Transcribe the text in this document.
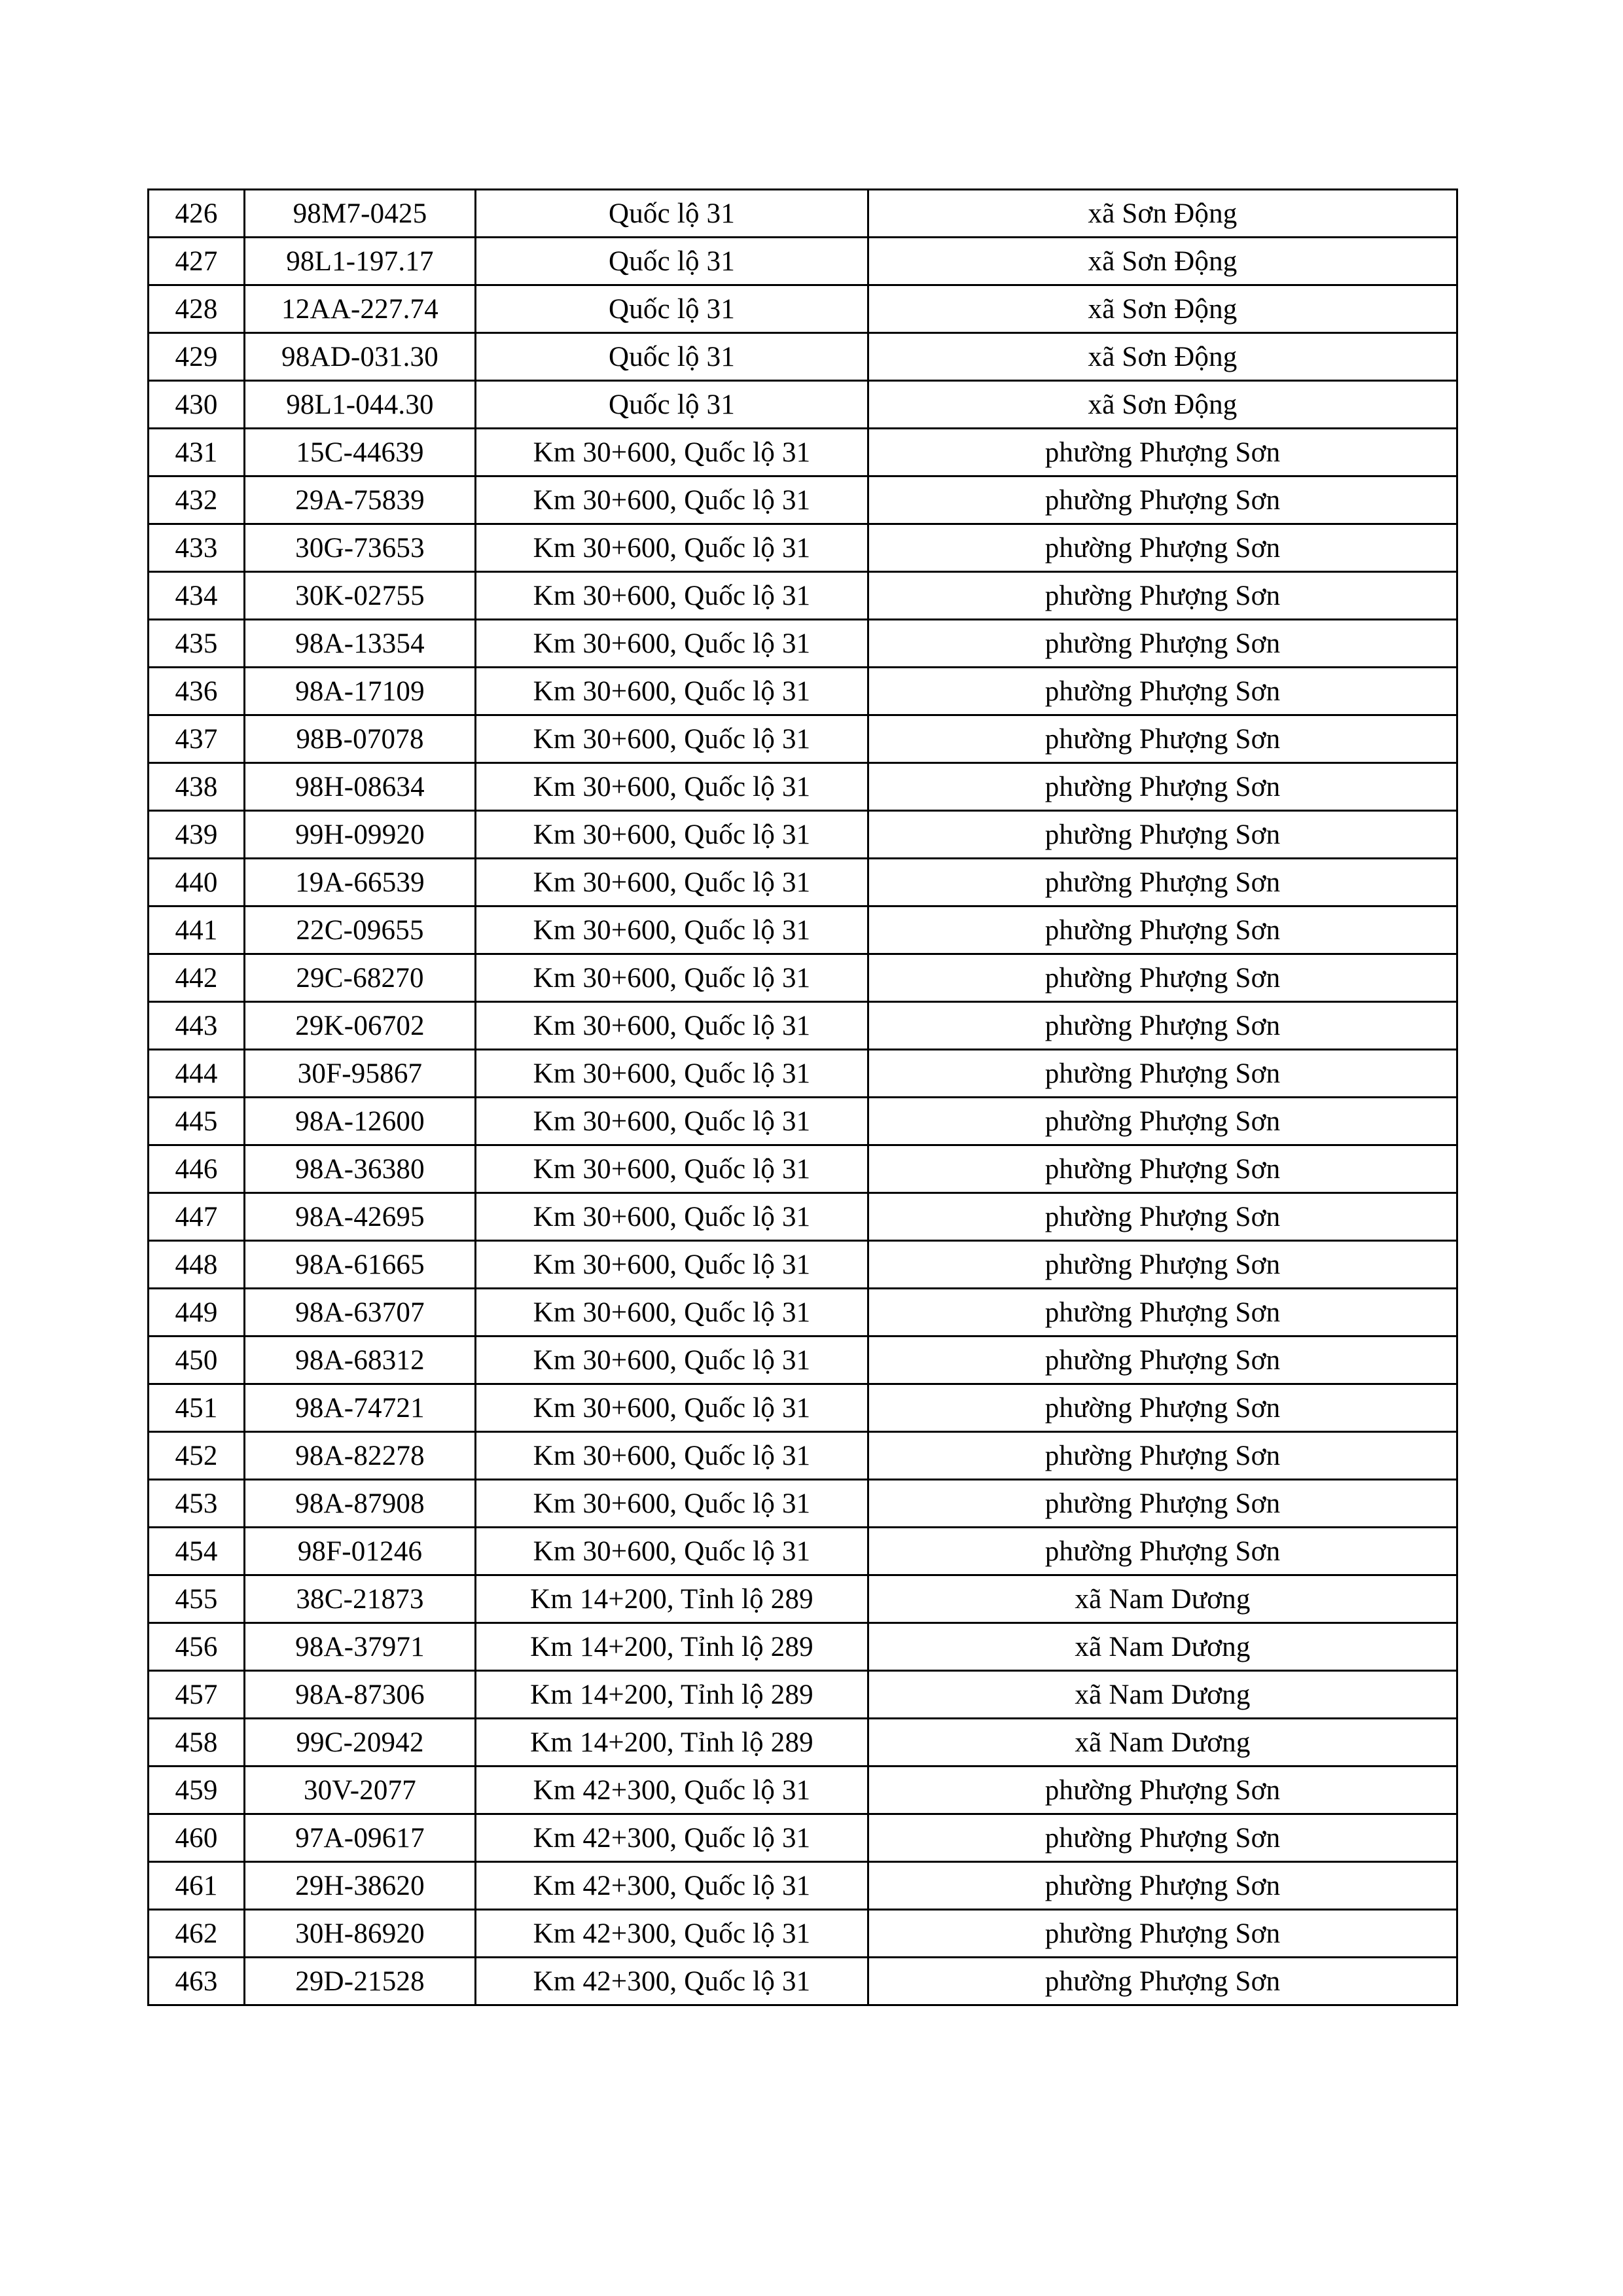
426	98M7-0425	Quốc lộ 31	xã Sơn Động
427	98L1-197.17	Quốc lộ 31	xã Sơn Động
428	12AA-227.74	Quốc lộ 31	xã Sơn Động
429	98AD-031.30	Quốc lộ 31	xã Sơn Động
430	98L1-044.30	Quốc lộ 31	xã Sơn Động
431	15C-44639	Km 30+600, Quốc lộ 31	phường Phượng Sơn
432	29A-75839	Km 30+600, Quốc lộ 31	phường Phượng Sơn
433	30G-73653	Km 30+600, Quốc lộ 31	phường Phượng Sơn
434	30K-02755	Km 30+600, Quốc lộ 31	phường Phượng Sơn
435	98A-13354	Km 30+600, Quốc lộ 31	phường Phượng Sơn
436	98A-17109	Km 30+600, Quốc lộ 31	phường Phượng Sơn
437	98B-07078	Km 30+600, Quốc lộ 31	phường Phượng Sơn
438	98H-08634	Km 30+600, Quốc lộ 31	phường Phượng Sơn
439	99H-09920	Km 30+600, Quốc lộ 31	phường Phượng Sơn
440	19A-66539	Km 30+600, Quốc lộ 31	phường Phượng Sơn
441	22C-09655	Km 30+600, Quốc lộ 31	phường Phượng Sơn
442	29C-68270	Km 30+600, Quốc lộ 31	phường Phượng Sơn
443	29K-06702	Km 30+600, Quốc lộ 31	phường Phượng Sơn
444	30F-95867	Km 30+600, Quốc lộ 31	phường Phượng Sơn
445	98A-12600	Km 30+600, Quốc lộ 31	phường Phượng Sơn
446	98A-36380	Km 30+600, Quốc lộ 31	phường Phượng Sơn
447	98A-42695	Km 30+600, Quốc lộ 31	phường Phượng Sơn
448	98A-61665	Km 30+600, Quốc lộ 31	phường Phượng Sơn
449	98A-63707	Km 30+600, Quốc lộ 31	phường Phượng Sơn
450	98A-68312	Km 30+600, Quốc lộ 31	phường Phượng Sơn
451	98A-74721	Km 30+600, Quốc lộ 31	phường Phượng Sơn
452	98A-82278	Km 30+600, Quốc lộ 31	phường Phượng Sơn
453	98A-87908	Km 30+600, Quốc lộ 31	phường Phượng Sơn
454	98F-01246	Km 30+600, Quốc lộ 31	phường Phượng Sơn
455	38C-21873	Km 14+200, Tỉnh lộ 289	xã Nam Dương
456	98A-37971	Km 14+200, Tỉnh lộ 289	xã Nam Dương
457	98A-87306	Km 14+200, Tỉnh lộ 289	xã Nam Dương
458	99C-20942	Km 14+200, Tỉnh lộ 289	xã Nam Dương
459	30V-2077	Km 42+300, Quốc lộ 31	phường Phượng Sơn
460	97A-09617	Km 42+300, Quốc lộ 31	phường Phượng Sơn
461	29H-38620	Km 42+300, Quốc lộ 31	phường Phượng Sơn
462	30H-86920	Km 42+300, Quốc lộ 31	phường Phượng Sơn
463	29D-21528	Km 42+300, Quốc lộ 31	phường Phượng Sơn
